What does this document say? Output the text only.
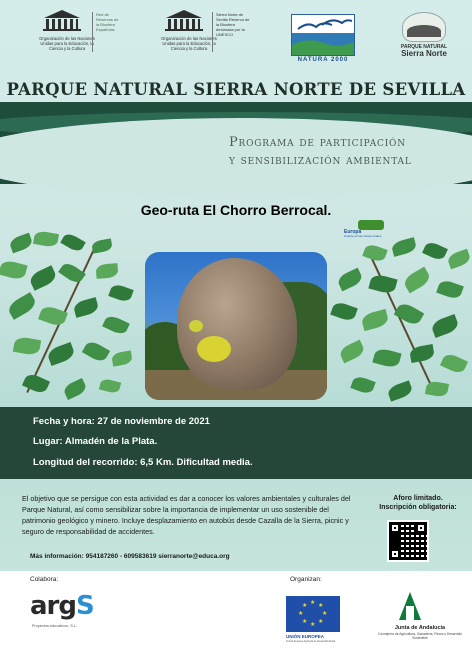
Organización de las Naciones Unidas para la Educación, la Ciencia y la Cultura
Red de Reservas de la Biosfera Españolas
Organización de las Naciones Unidas para la Educación, la Ciencia y la Cultura
Sierra Norte de Sevilla Reserva de la Biosfera declarada por la UNESCO
NATURA 2000
PARQUE NATURAL
Sierra Norte
PARQUE NATURAL SIERRA NORTE DE SEVILLA
Programa de participación
y sensibilización ambiental
Geo-ruta El Chorro Berrocal.
Europa
invierte en las zonas rurales
Fecha y hora: 27 de noviembre de 2021
Lugar: Almadén de la Plata.
Longitud del recorrido: 6,5 Km. Dificultad media.
El objetivo que se persigue con esta actividad es dar a conocer los valores ambientales y culturales del Parque Natural, así como sensibilizar sobre la importancia de implementar un uso sostenible del patrimonio geológico y minero. Incluye desplazamiento en autobús desde Cazalla de la Sierra, picnic y seguro de responsabilidad de accidentes.
Más información: 954187260 - 609583619 sierranorte@educa.org
Aforo limitado.
Inscripción obligatoria:
Colabora:
argS
Proyectos educativos, S.L.
Organizan:
★ ★
★
★
★
★
★
★
UNIÓN EUROPEA
Fondo Europeo Agrícola de Desarrollo Rural
Junta de Andalucía
Consejería de Agricultura, Ganadería, Pesca y Desarrollo Sostenible
